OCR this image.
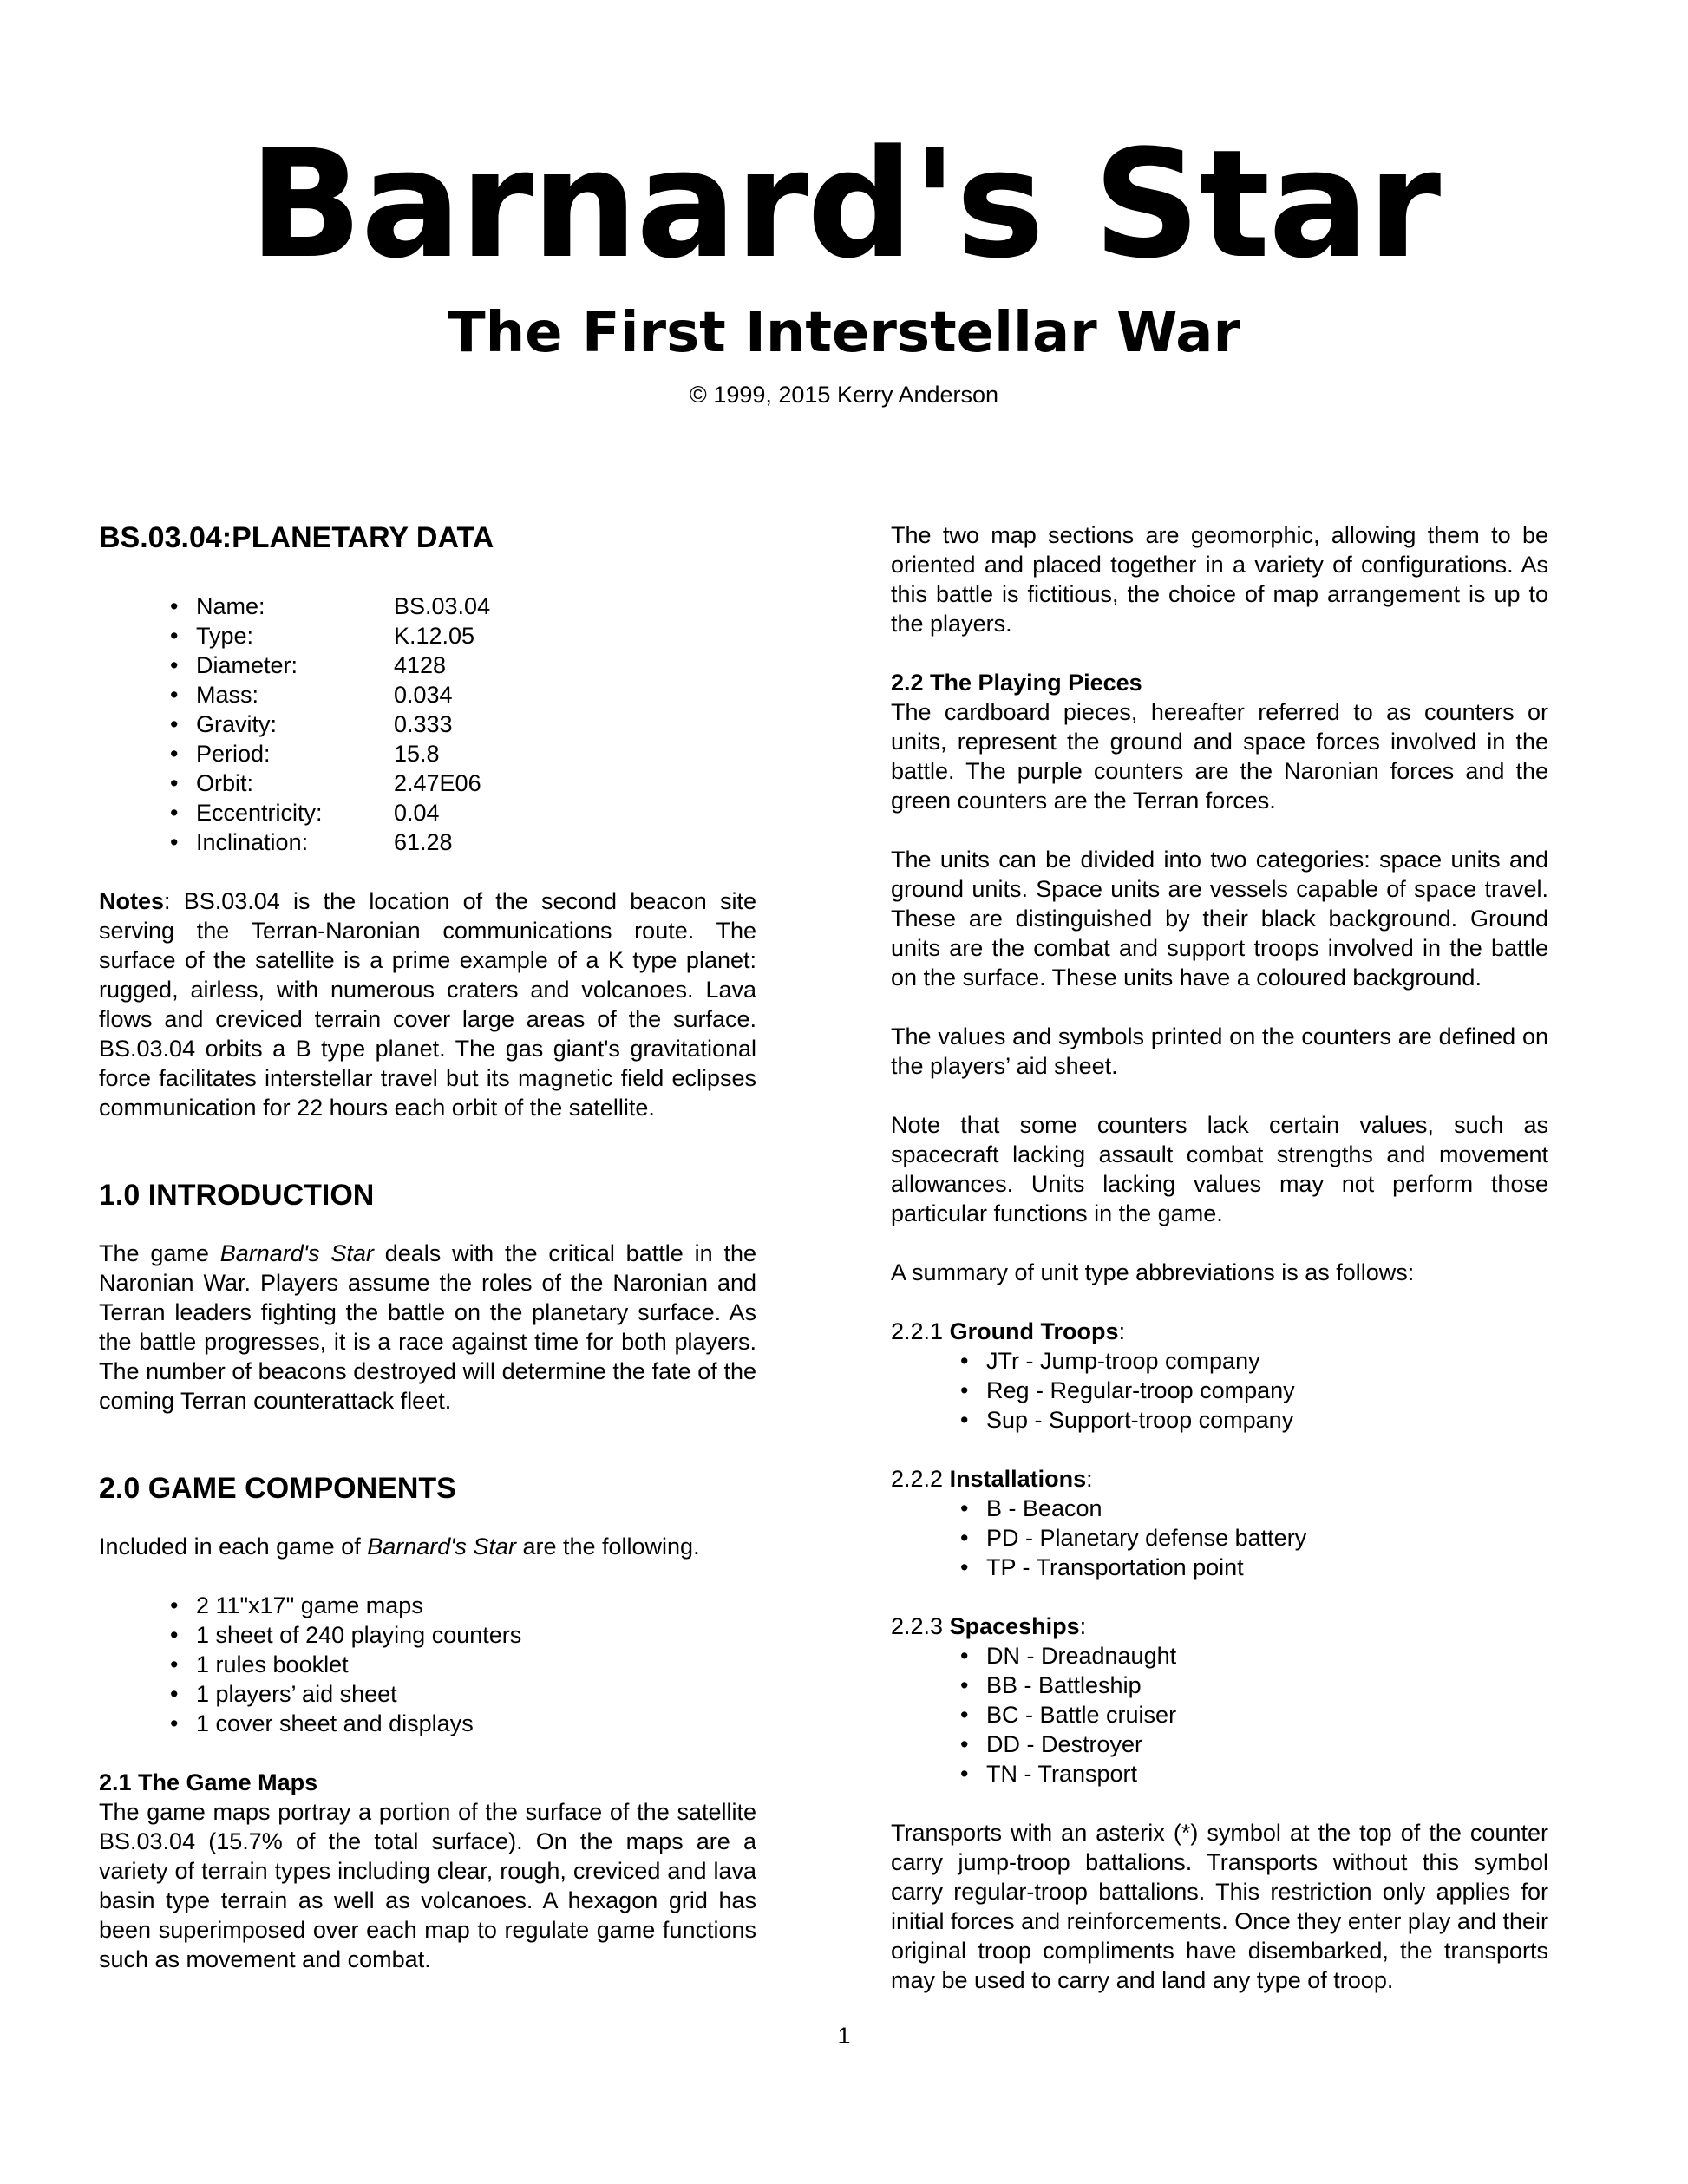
Barnard's Star
The First Interstellar War
© 1999, 2015 Kerry Anderson
BS.03.04:PLANETARY DATA
• Name:	BS.03.04
• Type:	K.12.05
• Diameter:	4128
• Mass:	0.034
• Gravity:	0.333
• Period:	15.8
• Orbit:	2.47E06
• Eccentricity:	0.04
• Inclination:	61.28

Notes: BS.03.04 is the location of the second beacon site serving the Terran-Naronian communications route. The surface of the satellite is a prime example of a K type planet: rugged, airless, with numerous craters and volcanoes. Lava flows and creviced terrain cover large areas of the surface. BS.03.04 orbits a B type planet. The gas giant's gravitational force facilitates interstellar travel but its magnetic field eclipses communication for 22 hours each orbit of the satellite.

1.0 INTRODUCTION

The game Barnard's Star deals with the critical battle in the Naronian War. Players assume the roles of the Naronian and Terran leaders fighting the battle on the planetary surface. As the battle progresses, it is a race against time for both players. The number of beacons destroyed will determine the fate of the coming Terran counterattack fleet.

2.0 GAME COMPONENTS

Included in each game of Barnard's Star are the following.

• 2 11"x17" game maps
• 1 sheet of 240 playing counters
• 1 rules booklet
• 1 players’ aid sheet
• 1 cover sheet and displays
2.1 The Game Maps

The game maps portray a portion of the surface of the satellite BS.03.04 (15.7% of the total surface). On the maps are a variety of terrain types including clear, rough, creviced and lava basin type terrain as well as volcanoes. A hexagon grid has been superimposed over each map to regulate game functions such as movement and combat.

The two map sections are geomorphic, allowing them to be oriented and placed together in a variety of configurations. As this battle is fictitious, the choice of map arrangement is up to the players.

2.2 The Playing Pieces

The cardboard pieces, hereafter referred to as counters or units, represent the ground and space forces involved in the battle. The purple counters are the Naronian forces and the green counters are the Terran forces.

The units can be divided into two categories: space units and ground units. Space units are vessels capable of space travel. These are distinguished by their black background. Ground units are the combat and support troops involved in the battle on the surface. These units have a coloured background.

The values and symbols printed on the counters are defined on the players’ aid sheet.

Note that some counters lack certain values, such as spacecraft lacking assault combat strengths and movement allowances. Units lacking values may not perform those particular functions in the game.

A summary of unit type abbreviations is as follows:

2.2.1 Ground Troops:
• JTr - Jump-troop company
• Reg - Regular-troop company
• Sup - Support-troop company
2.2.2 Installations:
• B - Beacon
• PD - Planetary defense battery
• TP - Transportation point
2.2.3 Spaceships:
• DN - Dreadnaught
• BB - Battleship
• BC - Battle cruiser
• DD - Destroyer
• TN - Transport

Transports with an asterix (*) symbol at the top of the counter carry jump-troop battalions. Transports without this symbol carry regular-troop battalions. This restriction only applies for initial forces and reinforcements. Once they enter play and their original troop compliments have disembarked, the transports may be used to carry and land any type of troop.

1
